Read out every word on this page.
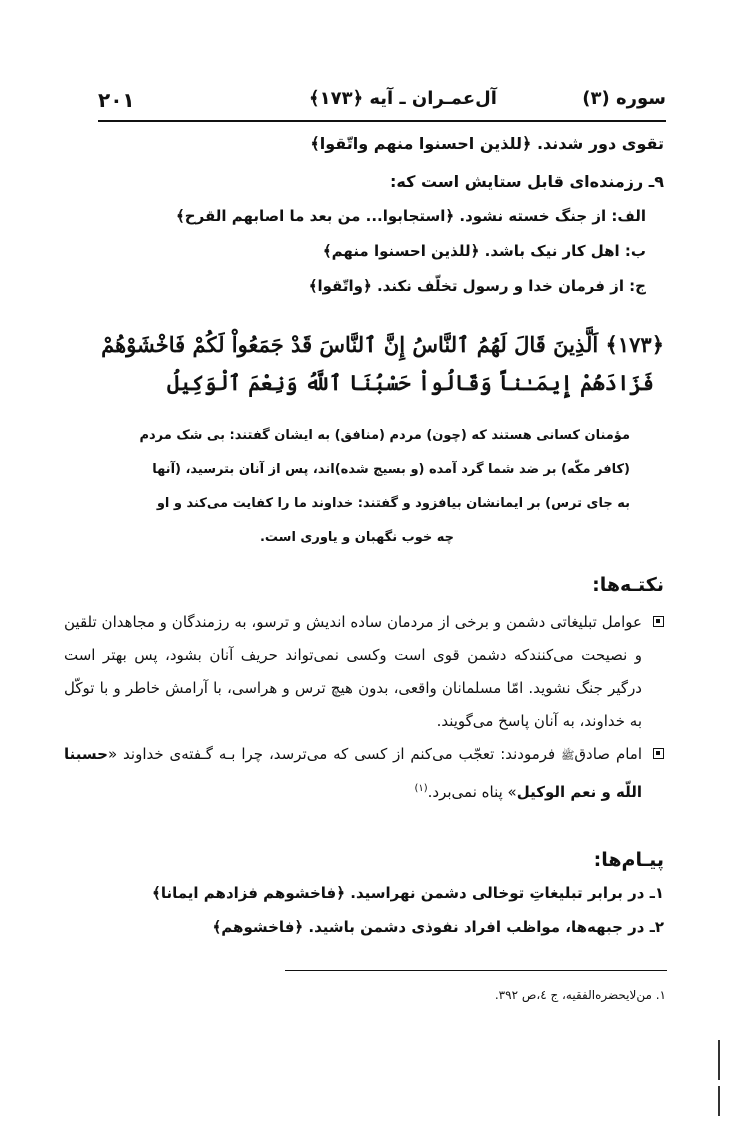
۲۰۱	آل‌عمـران ـ آیه ﴿۱۷۳﴾	سوره (۳)
تقوی دور شدند. ﴿للذین احسنوا منهم واتّقوا﴾
۹ـ رزمنده‌ای قابل ستایش است که:
الف: از جنگ خسته نشود. ﴿استجابوا... من بعد ما اصابهم القرح﴾
ب: اهل کار نیک باشد. ﴿للذین احسنوا منهم﴾
ج: از فرمان خدا و رسول تخلّف نکند. ﴿واتّقوا﴾
﴿۱۷۳﴾ اَلَّذِینَ قَالَ لَهُمُ ٱلنَّاسُ إِنَّ ٱلنَّاسَ قَدْ جَمَعُواْ لَكُمْ فَاخْشَوْهُمْ
فَزَادَهُمْ إِيمَـٰناً وَقَالُواْ حَسْبُنَا ٱللَّهُ وَنِعْمَ ٱلْوَكِيلُ
مؤمنان کسانی هستند که (چون) مردم (منافق) به ایشان گفتند: بی شک مردم
(کافر مکّه) بر ضد شما گرد آمده (و بسیج شده)اند، پس از آنان بترسید، (آنها
به جای ترس) بر ایمانشان بیافزود و گفتند: خداوند ما را کفایت می‌کند و او
چه خوب نگهبان و یاوری است.
نکتـه‌ها:
عوامل تبلیغاتی دشمن و برخی از مردمان ساده اندیش و ترسو، به رزمندگان و مجاهدان تلقین و نصیحت می‌کنندکه دشمن قوی است وکسی نمی‌تواند حریف آنان بشود، پس بهتر است درگیر جنگ نشوید. امّا مسلمانان واقعی، بدون هیچ ترس و هراسی، با آرامش خاطر و با توکّل به خداوند، به آنان پاسخ می‌گویند.
امام صادقﷺ فرمودند: تعجّب می‌کنم از کسی که می‌ترسد، چرا بـه گـفته‌ی خداوند «حسبنا اللّه و نعم الوکیل» پناه نمی‌برد.$^{(۱)}$
پیـام‌ها:
۱ـ در برابر تبلیغاتِ توخالی دشمن نهراسید. ﴿فاخشوهم فزادهم ایمانا﴾
۲ـ در جبهه‌ها، مواظب افراد نفوذی دشمن باشید. ﴿فاخشوهم﴾
۱. من‌لایحضره‌الفقیه، ج ٤،ص ۳۹۲.
